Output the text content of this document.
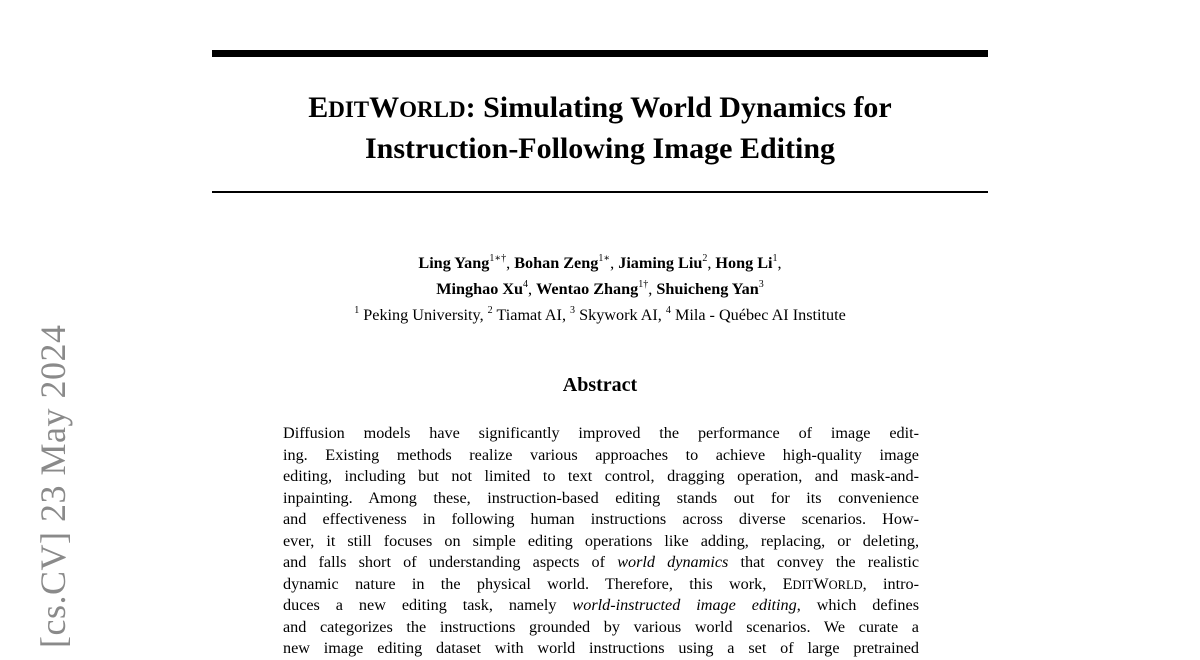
EDITWORLD: Simulating World Dynamics for
Instruction-Following Image Editing
Ling Yang$^{1∗\dagger}$, Bohan Zeng$^{1∗}$, Jiaming Liu$^2$, Hong Li$^1$,
Minghao Xu$^4$, Wentao Zhang$^{1\dagger}$, Shuicheng Yan$^3$
$^1$ Peking University, $^2$ Tiamat AI, $^3$ Skywork AI, $^4$ Mila - Québec AI Institute
Abstract
Diffusion models have significantly improved the performance of image edit-
ing. Existing methods realize various approaches to achieve high-quality image
editing, including but not limited to text control, dragging operation, and mask-and-
inpainting. Among these, instruction-based editing stands out for its convenience
and effectiveness in following human instructions across diverse scenarios. How-
ever, it still focuses on simple editing operations like adding, replacing, or deleting,
and falls short of understanding aspects of world dynamics that convey the realistic
dynamic nature in the physical world. Therefore, this work, EDITWORLD, intro-
duces a new editing task, namely world-instructed image editing, which defines
and categorizes the instructions grounded by various world scenarios. We curate a
new image editing dataset with world instructions using a set of large pretrained
[cs.CV] 23 May 2024
